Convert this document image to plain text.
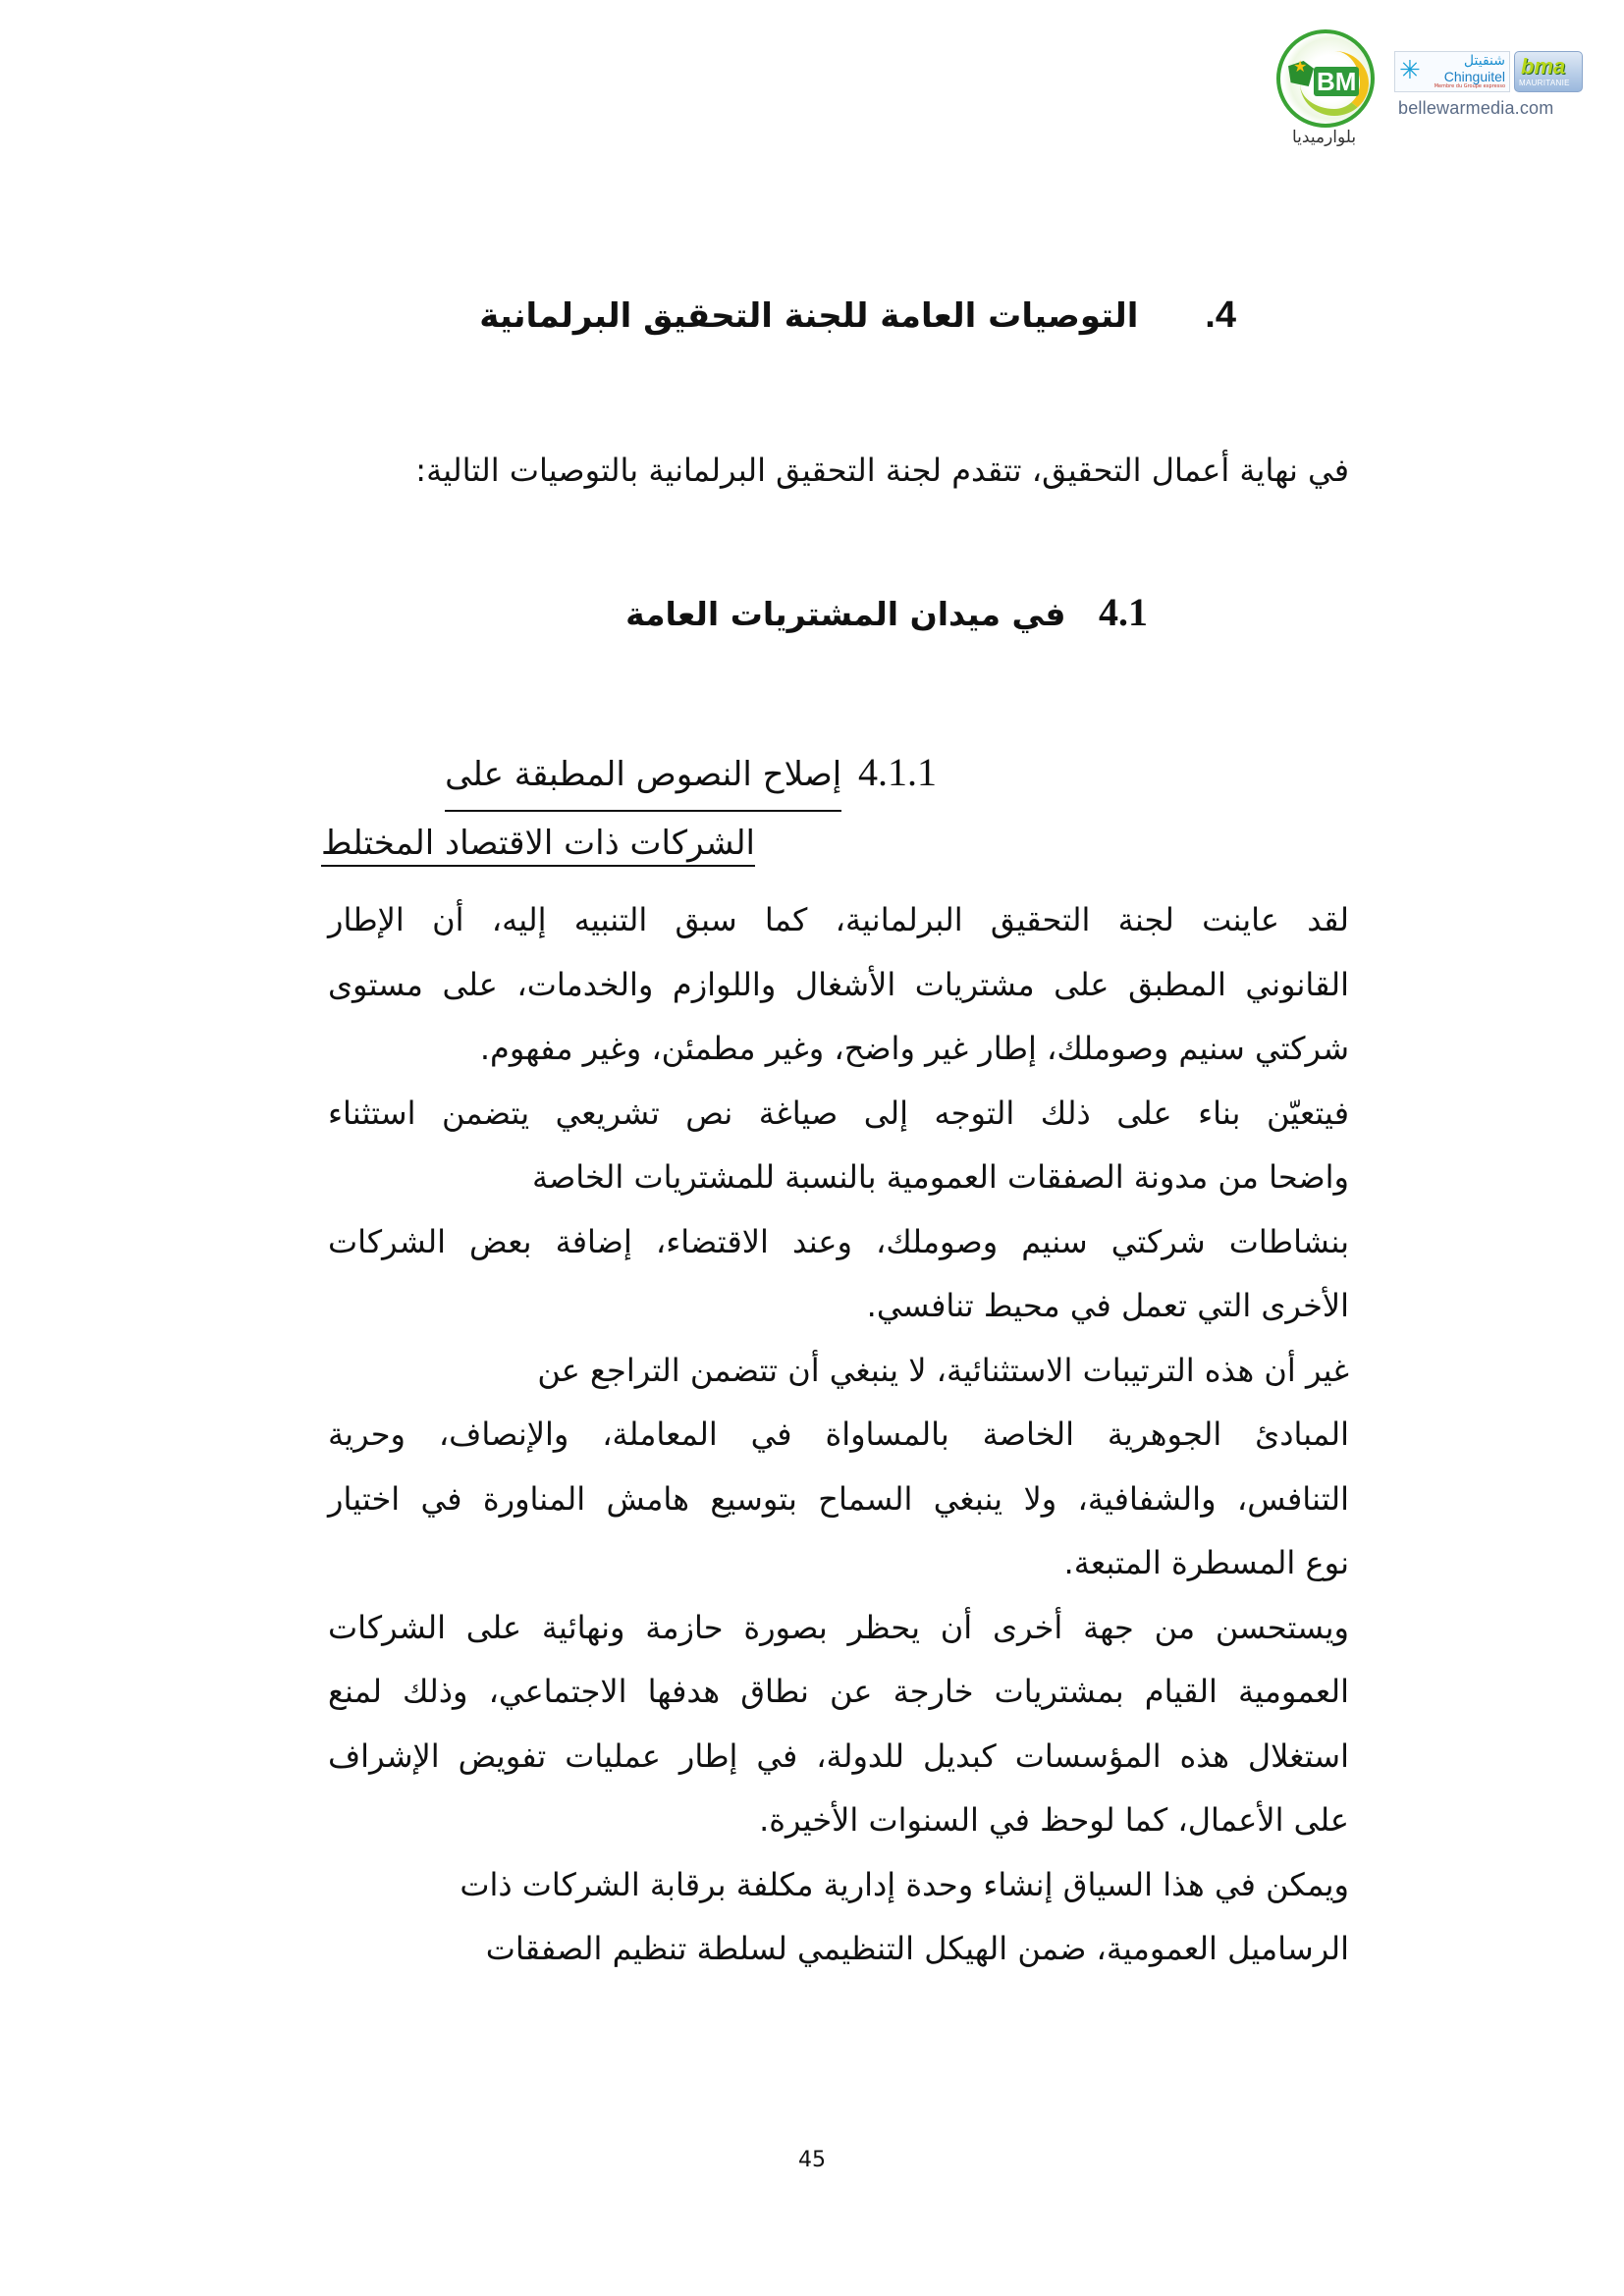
★
BM
بلوارميديا
✳	شنقيتل
Chinguitel
Membre du Groupe expresso
bma
MAURITANIE
bellewarmedia.com
4. التوصيات العامة للجنة التحقيق البرلمانية
في نهاية أعمال التحقيق، تتقدم لجنة التحقيق البرلمانية بالتوصيات التالية:
4.1 في ميدان المشتريات العامة
4.1.1 إصلاح النصوص المطبقة على
الشركات ذات الاقتصاد المختلط

لقد عاينت لجنة التحقيق البرلمانية، كما سبق التنبيه إليه، أن الإطار
القانوني المطبق على مشتريات الأشغال واللوازم والخدمات، على مستوى
شركتي سنيم وصوملك، إطار غير واضح، وغير مطمئن، وغير مفهوم.

فيتعيّن بناء على ذلك التوجه إلى صياغة نص تشريعي يتضمن استثناء
واضحا من مدونة الصفقات العمومية بالنسبة للمشتريات الخاصة
بنشاطات شركتي سنيم وصوملك، وعند الاقتضاء، إضافة بعض الشركات
الأخرى التي تعمل في محيط تنافسي.

غير أن هذه الترتيبات الاستثنائية، لا ينبغي أن تتضمن التراجع عن
المبادئ الجوهرية الخاصة بالمساواة في المعاملة، والإنصاف، وحرية
التنافس، والشفافية، ولا ينبغي السماح بتوسيع هامش المناورة في اختيار
نوع المسطرة المتبعة.

ويستحسن من جهة أخرى أن يحظر بصورة حازمة ونهائية على الشركات
العمومية القيام بمشتريات خارجة عن نطاق هدفها الاجتماعي، وذلك لمنع
استغلال هذه المؤسسات كبديل للدولة، في إطار عمليات تفويض الإشراف
على الأعمال، كما لوحظ في السنوات الأخيرة.

ويمكن في هذا السياق إنشاء وحدة إدارية مكلفة برقابة الشركات ذات
الرساميل العمومية، ضمن الهيكل التنظيمي لسلطة تنظيم الصفقات

45
